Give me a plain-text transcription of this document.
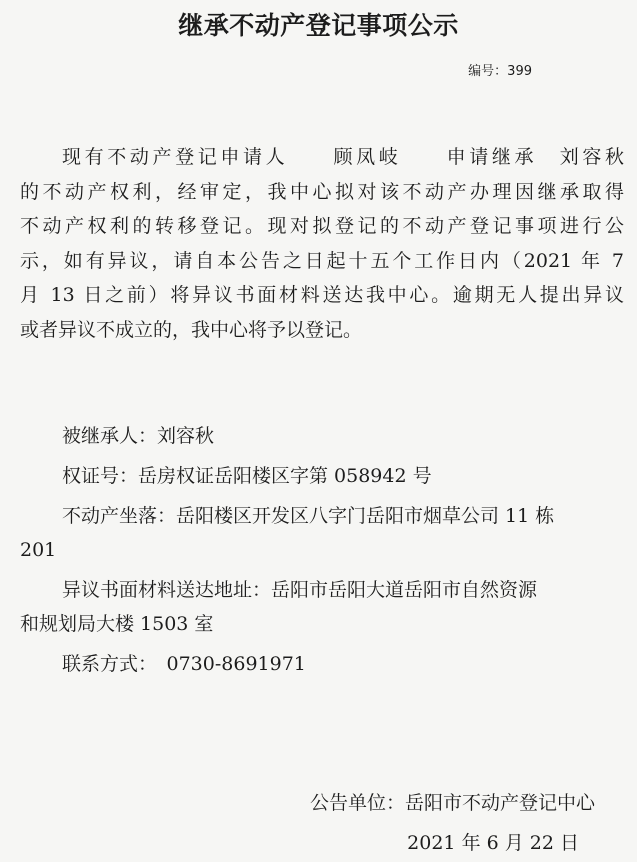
继承不动产登记事项公示
编号：399
现有不动产登记申请人　　顾凤岐　　申请继承　刘容秋
的不动产权利，经审定，我中心拟对该不动产办理因继承取得
不动产权利的转移登记。现对拟登记的不动产登记事项进行公
示，如有异议，请自本公告之日起十五个工作日内（2021 年 7
月 13 日之前）将异议书面材料送达我中心。逾期无人提出异议
或者异议不成立的，我中心将予以登记。
被继承人：刘容秋
权证号：岳房权证岳阳楼区字第 058942 号
不动产坐落：岳阳楼区开发区八字门岳阳市烟草公司 11 栋
201
异议书面材料送达地址：岳阳市岳阳大道岳阳市自然资源
和规划局大楼 1503 室
联系方式：　0730-8691971
公告单位：岳阳市不动产登记中心
2021 年 6 月 22 日
